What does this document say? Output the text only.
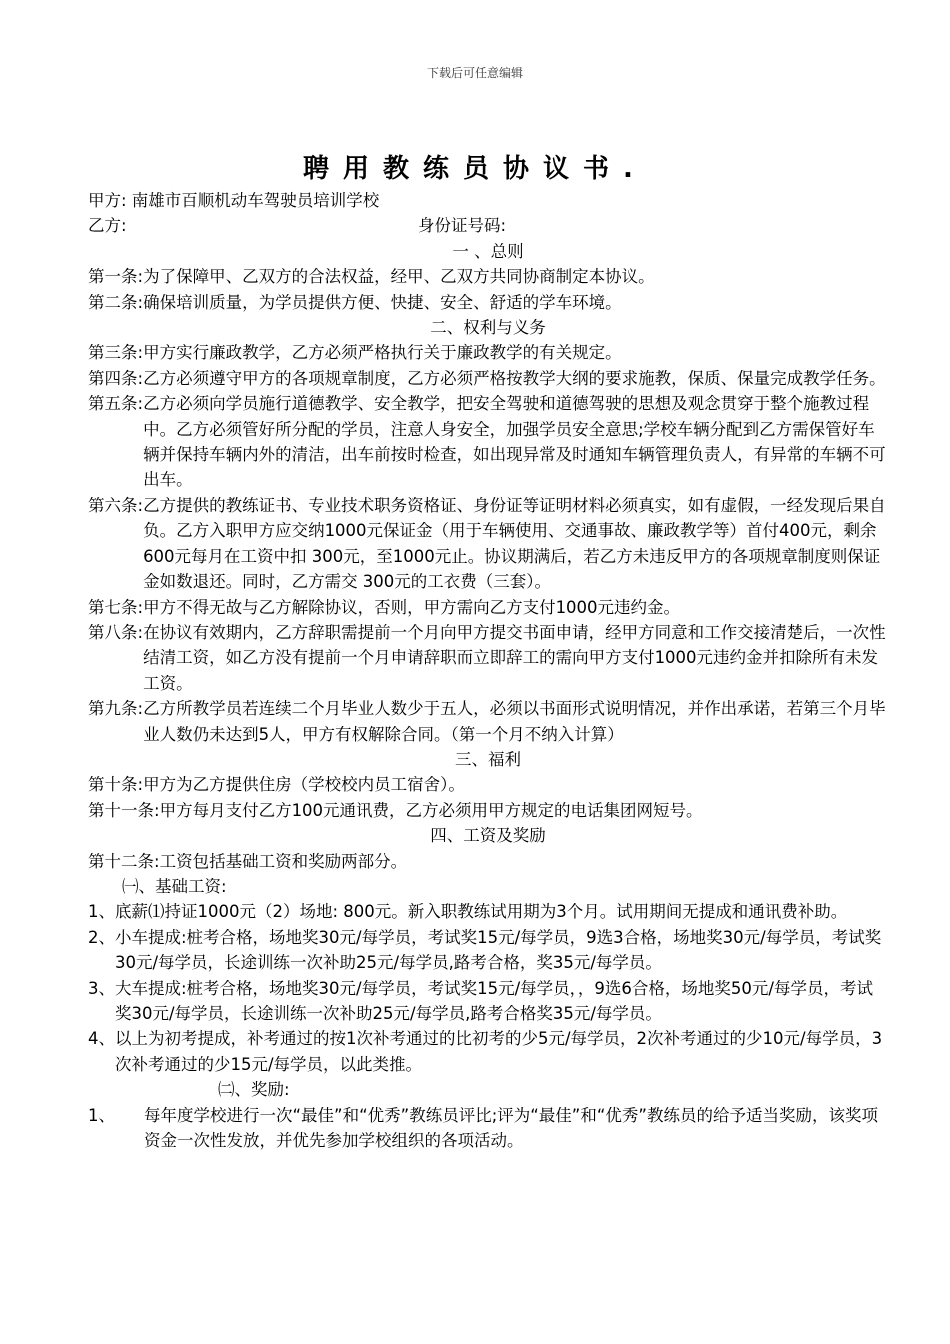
下载后可任意编辑
聘用教练员协议书.
甲方: 南雄市百顺机动车驾驶员培训学校
乙方:	身份证号码:
一 、总则
第一条: 为了保障甲、乙双方的合法权益，经甲、乙双方共同协商制定本协议。
第二条: 确保培训质量，为学员提供方便、快捷、安全、舒适的学车环境。
二、权利与义务
第三条: 甲方实行廉政教学，乙方必须严格执行关于廉政教学的有关规定。
第四条: 乙方必须遵守甲方的各项规章制度，乙方必须严格按教学大纲的要求施教，保质、保量完成教学任务。
第五条: 乙方必须向学员施行道德教学、安全教学，把安全驾驶和道德驾驶的思想及观念贯穿于整个施教过程中。乙方必须管好所分配的学员，注意人身安全，加强学员安全意思;学校车辆分配到乙方需保管好车辆并保持车辆内外的清洁，出车前按时检查，如出现异常及时通知车辆管理负责人，有异常的车辆不可出车。
第六条: 乙方提供的教练证书、专业技术职务资格证、身份证等证明材料必须真实，如有虚假，一经发现后果自负。乙方入职甲方应交纳1000元保证金（用于车辆使用、交通事故、廉政教学等）首付400元，剩余600元每月在工资中扣 300元，至1000元止。协议期满后，若乙方未违反甲方的各项规章制度则保证金如数退还。同时，乙方需交 300元的工衣费（三套）。
第七条: 甲方不得无故与乙方解除协议，否则，甲方需向乙方支付1000元违约金。
第八条: 在协议有效期内，乙方辞职需提前一个月向甲方提交书面申请，经甲方同意和工作交接清楚后，一次性结清工资，如乙方没有提前一个月申请辞职而立即辞工的需向甲方支付1000元违约金并扣除所有未发工资。
第九条: 乙方所教学员若连续二个月毕业人数少于五人，必须以书面形式说明情况，并作出承诺，若第三个月毕业人数仍未达到5人，甲方有权解除合同。（第一个月不纳入计算）
三、福利
第十条: 甲方为乙方提供住房（学校校内员工宿舍）。
第十一条: 甲方每月支付乙方100元通讯费，乙方必须用甲方规定的电话集团网短号。
四、工资及奖励
第十二条: 工资包括基础工资和奖励两部分。
㈠、基础工资:
1、 底薪⑴持证1000元（2）场地: 800元。新入职教练试用期为3个月。试用期间无提成和通讯费补助。
2、 小车提成:桩考合格，场地奖30元/每学员，考试奖15元/每学员，9选3合格，场地奖30元/每学员，考试奖30元/每学员，长途训练一次补助25元/每学员,路考合格，奖35元/每学员。
3、 大车提成:桩考合格，场地奖30元/每学员，考试奖15元/每学员，，9选6合格，场地奖50元/每学员，考试奖30元/每学员，长途训练一次补助25元/每学员,路考合格奖35元/每学员。
4、 以上为初考提成，补考通过的按1次补考通过的比初考的少5元/每学员，2次补考通过的少10元/每学员，3次补考通过的少15元/每学员，以此类推。
㈡、奖励:
1、	每年度学校进行一次“最佳”和“优秀”教练员评比;评为“最佳”和“优秀”教练员的给予适当奖励，该奖项资金一次性发放，并优先参加学校组织的各项活动。
